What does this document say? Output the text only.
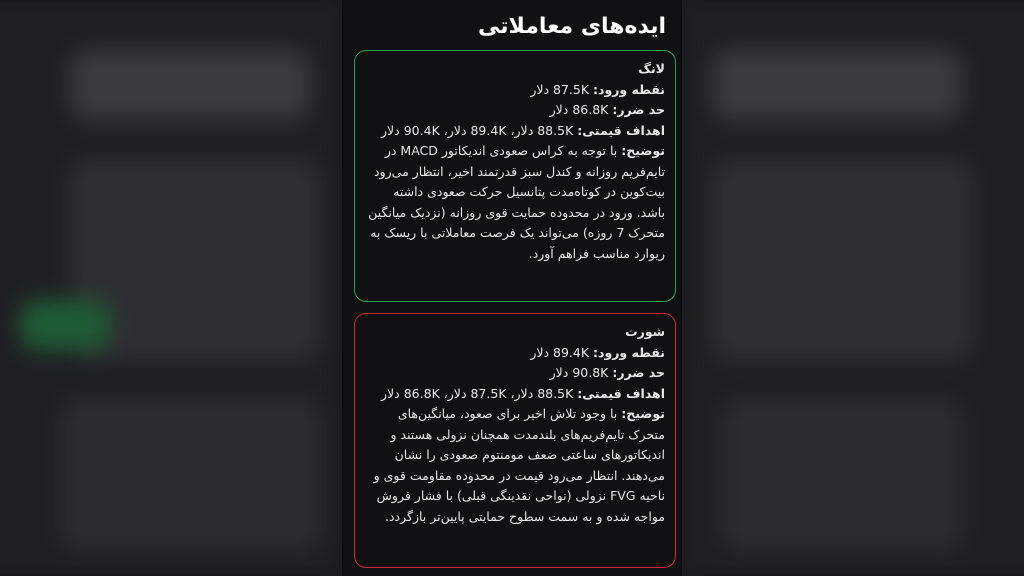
ایده‌های معاملاتی
لانگ
نقطه ورود: 87.5K دلار
حد ضرر: 86.8K دلار
اهداف قیمتی: 88.5K دلار، 89.4K دلار، 90.4K دلار
توضیح: با توجه به کراس صعودی اندیکاتور MACD در تایم‌فریم روزانه و کندل سبز قدرتمند اخیر، انتظار می‌رود بیت‌کوین در کوتاه‌مدت پتانسیل حرکت صعودی داشته باشد. ورود در محدوده حمایت قوی روزانه (نزدیک میانگین متحرک 7 روزه) می‌تواند یک فرصت معاملاتی با ریسک به ریوارد مناسب فراهم آورد.
شورت
نقطه ورود: 89.4K دلار
حد ضرر: 90.8K دلار
اهداف قیمتی: 88.5K دلار، 87.5K دلار، 86.8K دلار
توضیح: با وجود تلاش اخیر برای صعود، میانگین‌های متحرک تایم‌فریم‌های بلندمدت همچنان نزولی هستند و اندیکاتورهای ساعتی ضعف مومنتوم صعودی را نشان می‌دهند. انتظار می‌رود قیمت در محدوده مقاومت قوی و ناحیه FVG نزولی (نواحی نقدینگی قبلی) با فشار فروش مواجه شده و به سمت سطوح حمایتی پایین‌تر بازگردد.
